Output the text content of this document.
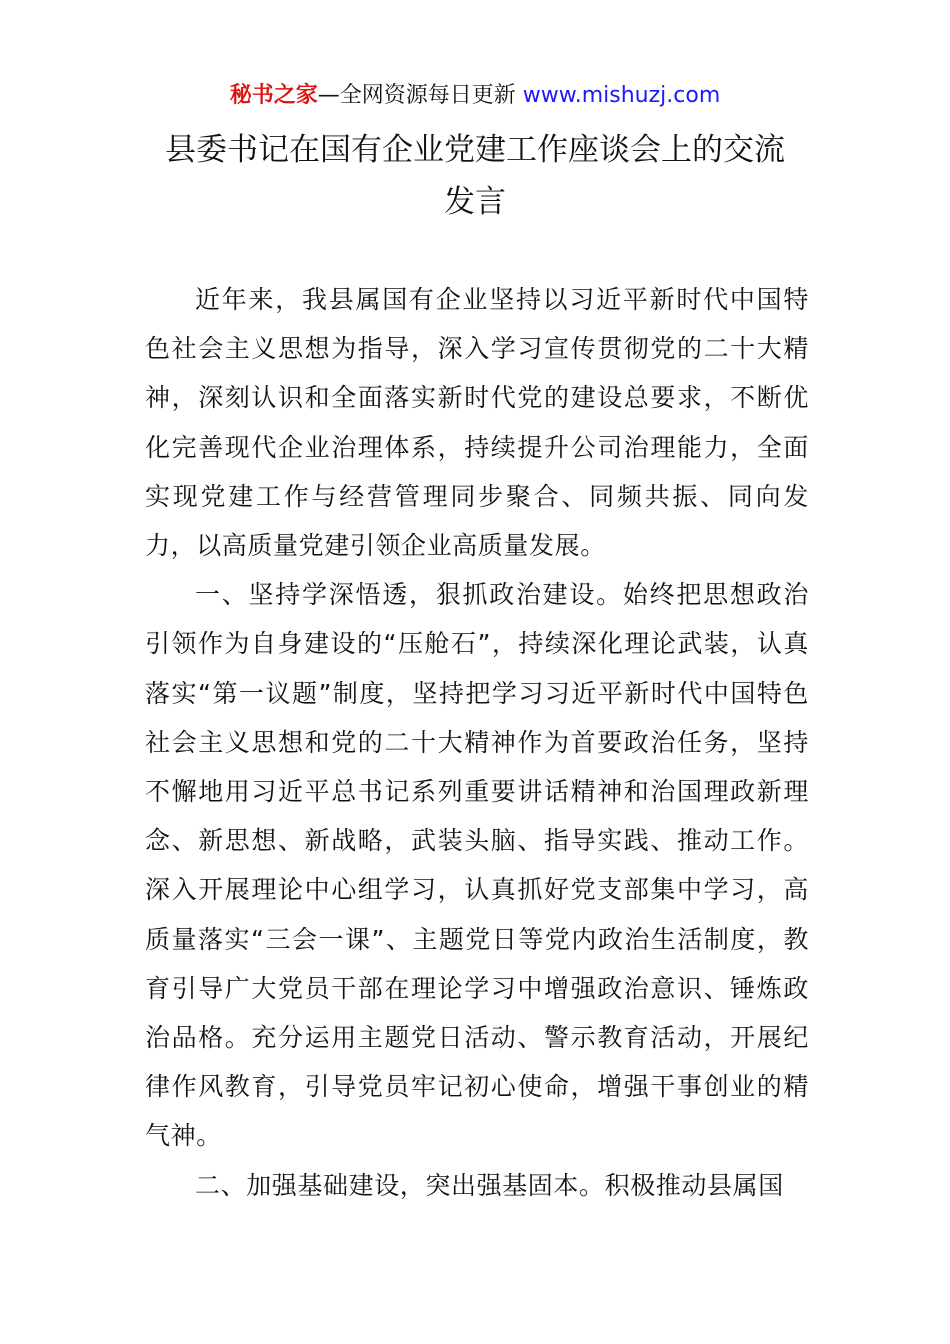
秘书之家—全网资源每日更新 www.mishuzj.com
县委书记在国有企业党建工作座谈会上的交流
发言

近年来，我县属国有企业坚持以习近平新时代中国特色社会主义思想为指导，深入学习宣传贯彻党的二十大精神，深刻认识和全面落实新时代党的建设总要求，不断优化完善现代企业治理体系，持续提升公司治理能力，全面实现党建工作与经营管理同步聚合、同频共振、同向发力，以高质量党建引领企业高质量发展。

一、坚持学深悟透，狠抓政治建设。始终把思想政治引领作为自身建设的“压舱石”，持续深化理论武装，认真落实“第一议题”制度，坚持把学习习近平新时代中国特色社会主义思想和党的二十大精神作为首要政治任务，坚持不懈地用习近平总书记系列重要讲话精神和治国理政新理念、新思想、新战略，武装头脑、指导实践、推动工作。深入开展理论中心组学习，认真抓好党支部集中学习，高质量落实“三会一课”、主题党日等党内政治生活制度，教育引导广大党员干部在理论学习中增强政治意识、锤炼政治品格。充分运用主题党日活动、警示教育活动，开展纪律作风教育，引导党员牢记初心使命，增强干事创业的精气神。

二、加强基础建设，突出强基固本。积极推动县属国
